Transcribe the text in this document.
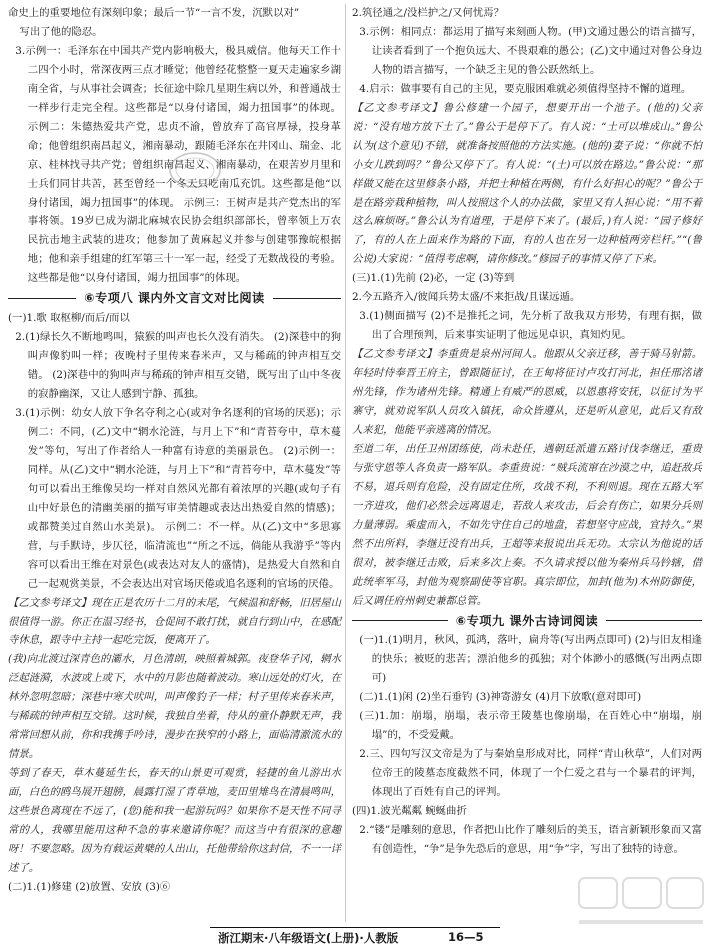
命史上的重要地位有深刻印象；最后一节“一言不发，沉默以对”

写出了他的隐忍。

3.示例一：毛泽东在中国共产党内影响极大，极具威信。他每天工作十二四个小时，常深夜两三点才睡觉；他曾经花整整一夏天走遍家乡湖南全省，与从事社会调查；长征途中除几星期生病以外，和普通战士一样步行走完全程。这些都是“以身付诸国，竭力扭国事”的体现。 示例二：朱德热爱共产党，忠贞不渝，曾放弃了高官厚禄，投身革命；他曾组织南昌起义，湘南暴动，跟随毛泽东在井冈山、瑞金、北京、桂林找寻共产党；曾组织南昌起义、湘南暴动，在艰苦岁月里和士兵们同甘共苦，甚至曾经一个冬天只吃南瓜充饥。这些都是他“以身付诸国，竭力扭国事”的体现。 示例三：王树声是共产党杰出的军事将领。19岁已成为湖北麻城农民协会组织部部长，曾率领上万农民抗击地主武装的进攻；他参加了黄麻起义并参与创建鄂豫皖根据地；他和亲手组建的红军第三十一军一起，经受了无数战役的考验。这些都是他“以身付诸国，竭力扭国事”的体现。

⑥专项八 课内外文言文对比阅读

(一)1.歌 取枢柳/而后/而以

2.(1)绿长久不断地鸣叫，猿猴的叫声也长久没有消失。 (2)深巷中的狗叫声像豹叫一样；夜晚村子里传来春米声，又与稀疏的钟声相互交错。 (2)深巷中的狗叫声与稀疏的钟声相互交错，既写出了山中冬夜的寂静幽深，又让人感到宁静、孤独。

3.(1)示例：幼女人放下争名夺利之心(或对争名逐利的官场的厌恶)；示例二：不同，(乙)文中“辋水沦涟，与月上下”和“青苔夸中，草木蔓发”等句，写出了作者给人一种富有诗意的美丽景色。 (2)示例一：同样。从(乙)文中“辋水沦涟，与月上下”和“青苔夸中，草木蔓发”等句可以看出王维像吴均一样对自然风光都有着浓厚的兴趣(或句子有山中好景色的清幽美丽的描写审美情趣或表达出热爱自然的情感)；或都赞美过自然山水美景)。 示例二：不一样。从(乙)文中“多思寡营，与手默诗，步仄径，临清流也”“所之不远，倘能从我游乎”等内容可以看出王维在对景色(或表达对友人的盛情)，是热爱大自然和自己一起观赏美景，不会表达出对官场厌倦或追名逐利的官场的厌倦。

【乙文参考译文】现在正是农历十二月的末尾，气候温和舒畅，旧居屋山很值得一游。你正在温习经书，仓促间不敢打扰，就自行到山中，在感配寺休息，跟寺中主持一起吃完饭，便离开了。

(我)向北渡过深青色的灞水，月色清朗，映照着城郭。夜登华子冈，辋水泛起涟漪，水波或上或下，水中的月影也随着波动。寒山远处的灯火，在林外忽明忽暗；深巷中寒犬吠叫，叫声像豹子一样；村子里传来春米声，与稀疏的钟声相互交错。这时候，我独自坐着，侍从的童仆静默无声，我常常回想从前，你和我携手吟诗，漫步在狭窄的小路上，面临清澈流水的情景。

等到了春天，草木蔓延生长，春天的山景更可观赏，轻捷的鱼儿游出水面，白色的鸥鸟展开翅膀，晨露打湿了青草地，麦田里雉鸟在清晨鸣叫，这些景色离现在不远了，(您)能和我一起游玩吗？如果你不是天性不同寻常的人，我哪里能用这种不急的事来邀请你呢？而这当中有很深的意趣呀！不要忽略。因为有载运黄檗的人出山，托他带给你这封信，不一一详述了。

(二)1.(1)修建 (2)放置、安放 (3)⑥

2.筑径通之/没栏护之/又何忧焉？

3.示例：相同点：都运用了描写来刻画人物。(甲)文通过愚公的语言描写，让读者看到了一个抱负远大、不畏艰难的愚公；(乙)文中通过对鲁公身边人物的语言描写，一个缺乏主见的鲁公跃然纸上。

4.启示：做事要有自己的主见，要克服困难就必须值得坚持不懈的道理。

【乙文参考译文】鲁公修建一个园子，想要开出一个池子。(他的)父亲说：“没有地方放下土了。”鲁公于是停下了。有人说：“土可以堆成山。”鲁公认为(这个意见)不错，就准备按照他的方法实施。(他的)妻子说：“你就不怕小女儿跌到吗？”鲁公又停下了。有人说：“(土)可以放在路边。”鲁公说：“那样做又能在这里修条小路，并把土种植在两侧，有什么好担心的呢？”鲁公于是在路旁栽种植物，叫人按照这个人的办法做，家里又有人担心说：“用不着这么麻烦呀。”鲁公认为有道理，于是停下来了。(最后，)有人说：“园子修好了，有的人在上面来作为路的下面，有的人也在另一边种植两旁栏杆。”“(鲁公说)大家说：“值得考虑啊，请你修改。”修园子的事情又停了下来。

(三)1.(1)先前 (2)必，一定 (3)等到

2.今五路齐入/彼闻兵势太盛/不来拒战/且谋远遁。

3.(1)侧面描写 (2)不是推托之词，先分析了敌我双方形势，有理有据，做出了合理预判，后来事实证明了他远见卓识，真知灼见。

【乙文参考译文】李重贵是泉州河间人。他跟从父亲迁移，善于骑马射箭。年轻时侍奉晋王府主，曾跟随征讨，在王甸将征讨卢攻打河北，担任邢洺诸州先锋，作为诸州先锋。精通上有威严的恩威，以恩惠将安抚，以征讨为平寨守，就劝说军队人员攻入镇抚，命众皆遵从，还是听从意见，此后又有敌人来犯，他能平亲逃离的情况。

至道二年，出任卫州团练使，尚未赴任，遇朝廷派遣五路讨伐李继迁，重贵与张守恩等人各负责一路军队。李重贵说：“贼兵流窜在沙漠之中，追赶敌兵不易，退兵则有危险，没有固定住所，攻战不利，不利则退。现在五路大军一齐进攻，他们必然会远离退走，若敌人来攻击，后会有伤亡，如果分兵则力量薄弱。乘虚而入，不如先守住自己的地盘，若想坚守应战，宜持久。”果然不出所料，李继迁没有出兵，王超等来报说出兵无功。太宗认为他说的话很对，被李继迁击败，后来多次上奏。不久请求授以他为秦州兵马钤辖，借此统率军马，封他为观察副使等官职。真宗即位，加封(他为)木州防御使，后又调任府州刺史兼都总管。

⑥专项九 课外古诗词阅读

(一)1.(1)明月，秋风，孤鸿，落叶，扁舟等(写出两点即可) (2)与旧友相逢的快乐；被贬的悲苦；漂泊他乡的孤独；对个体渺小的感慨(写出两点即可)

(二)1.(1)闲 (2)坐石垂钓 (3)神寄游女 (4)月下放歌(意对即可)

(三)1.加：崩塌，崩塌，表示帝王陵墓也像崩塌，在百姓心中“崩塌，崩塌”的，不受爱戴。

2.三、四句写汉文帝是为了与秦始皇形成对比，同样“青山秋草”，人们对两位帝王的陵墓态度截然不同，体现了一个仁爱之君与一个暴君的评判，体现出了百姓有自己的评判。

(四)1.波光粼粼 蜿蜒曲折

2.“镂”是雕刻的意思，作者把山比作了雕刻后的美玉，语言新颖形象而又富有创造性，“争”是争先恐后的意思，用“争”字，写出了独特的诗意。

浙江期末·八年级语文(上册)·人教版	16—5
